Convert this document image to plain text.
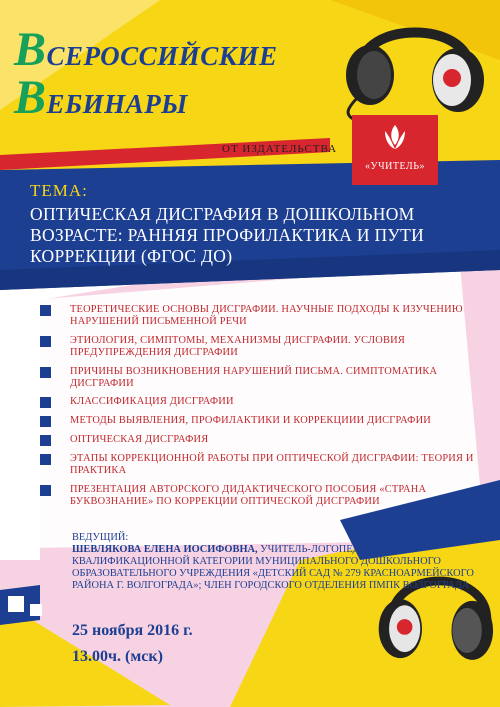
ВСЕРОССИЙСКИЕ
ВЕБИНАРЫ
ОТ ИЗДАТЕЛЬСТВА
«УЧИТЕЛЬ»
ТЕМА:
ОПТИЧЕСКАЯ ДИСГРАФИЯ В ДОШКОЛЬНОМ ВОЗРАСТЕ: РАННЯЯ ПРОФИЛАКТИКА И ПУТИ КОРРЕКЦИИ (ФГОС ДО)
ТЕОРЕТИЧЕСКИЕ ОСНОВЫ ДИСГРАФИИ. НАУЧНЫЕ ПОДХОДЫ К ИЗУЧЕНИЮ НАРУШЕНИЙ ПИСЬМЕННОЙ РЕЧИ
ЭТИОЛОГИЯ, СИМПТОМЫ, МЕХАНИЗМЫ ДИСГРАФИИ. УСЛОВИЯ ПРЕДУПРЕЖДЕНИЯ ДИСГРАФИИ
ПРИЧИНЫ ВОЗНИКНОВЕНИЯ НАРУШЕНИЙ ПИСЬМА. СИМПТОМАТИКА ДИСГРАФИИ
КЛАССИФИКАЦИЯ ДИСГРАФИИ
МЕТОДЫ ВЫЯВЛЕНИЯ, ПРОФИЛАКТИКИ И КОРРЕКЦИИИ ДИСГРАФИИ
ОПТИЧЕСКАЯ ДИСГРАФИЯ
ЭТАПЫ КОРРЕКЦИОННОЙ РАБОТЫ ПРИ ОПТИЧЕСКОЙ ДИСГРАФИИ: ТЕОРИЯ И ПРАКТИКА
ПРЕЗЕНТАЦИЯ АВТОРСКОГО ДИДАКТИЧЕСКОГО ПОСОБИЯ «СТРАНА БУКВОЗНАНИЕ» ПО КОРРЕКЦИИ ОПТИЧЕСКОЙ ДИСГРАФИИ
ВЕДУЩИЙ:
ШЕВЛЯКОВА ЕЛЕНА ИОСИФОВНА, УЧИТЕЛЬ-ЛОГОПЕД ВЫСШЕЙ КВАЛИФИКАЦИОННОЙ КАТЕГОРИИ МУНИЦИПАЛЬНОГО ДОШКОЛЬНОГО ОБРАЗОВАТЕЛЬНОГО УЧРЕЖДЕНИЯ «ДЕТСКИЙ САД № 279 КРАСНОАРМЕЙСКОГО РАЙОНА Г. ВОЛГОГРАДА»; ЧЛЕН ГОРОДСКОГО ОТДЕЛЕНИЯ ПМПК ВОЛГОГРАДА
25 ноября 2016 г.
13.00ч. (мск)
